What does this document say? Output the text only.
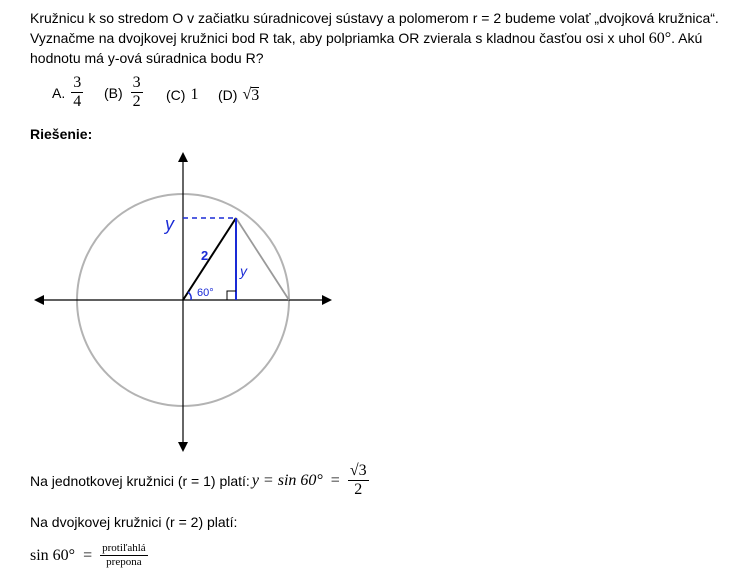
Kružnicu k so stredom O v začiatku súradnicovej sústavy a polomerom r = 2 budeme volať „dvojková kružnica“.
Vyznačme na dvojkovej kružnici bod R tak, aby polpriamka OR zvierala s kladnou časťou osi x uhol 60°. Akú
hodnotu má y-ová súradnica bodu R?
A. $\frac{3}{4} (B) \frac{3}{2} (C)$ 1 (D) √ 3
Riešenie:
y
2
60°
y
Na jednotkovej kružnici (r = 1) platí: $y = \sin 60^\circ = \frac{√3}{2}$
Na dvojkovej kružnici (r = 2) platí:
$\sin 60^\circ = \frac{\text{protiľahlá}}{\text{prepona}}$
